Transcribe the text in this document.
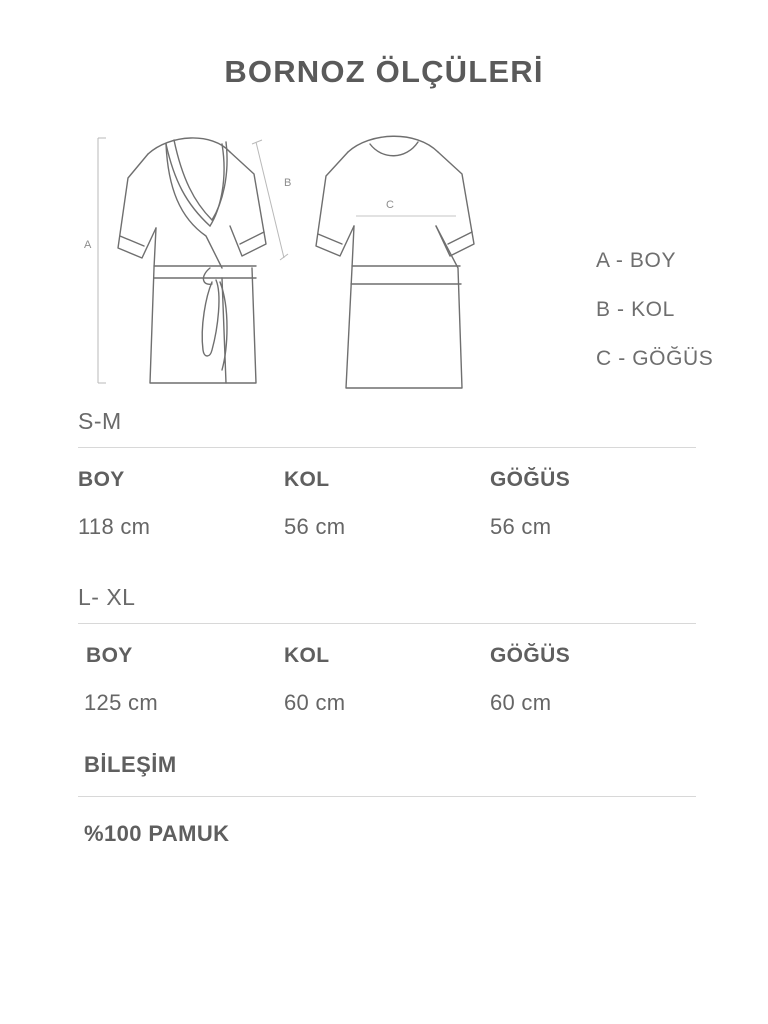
BORNOZ ÖLÇÜLERİ
A
B
C
A - BOY
B - KOL
C - GÖĞÜS
S-M
BOY	KOL	GÖĞÜS
118 cm	56 cm	56 cm
L- XL
BOY	KOL	GÖĞÜS
125 cm	60 cm	60 cm
BİLEŞİM
%100 PAMUK
